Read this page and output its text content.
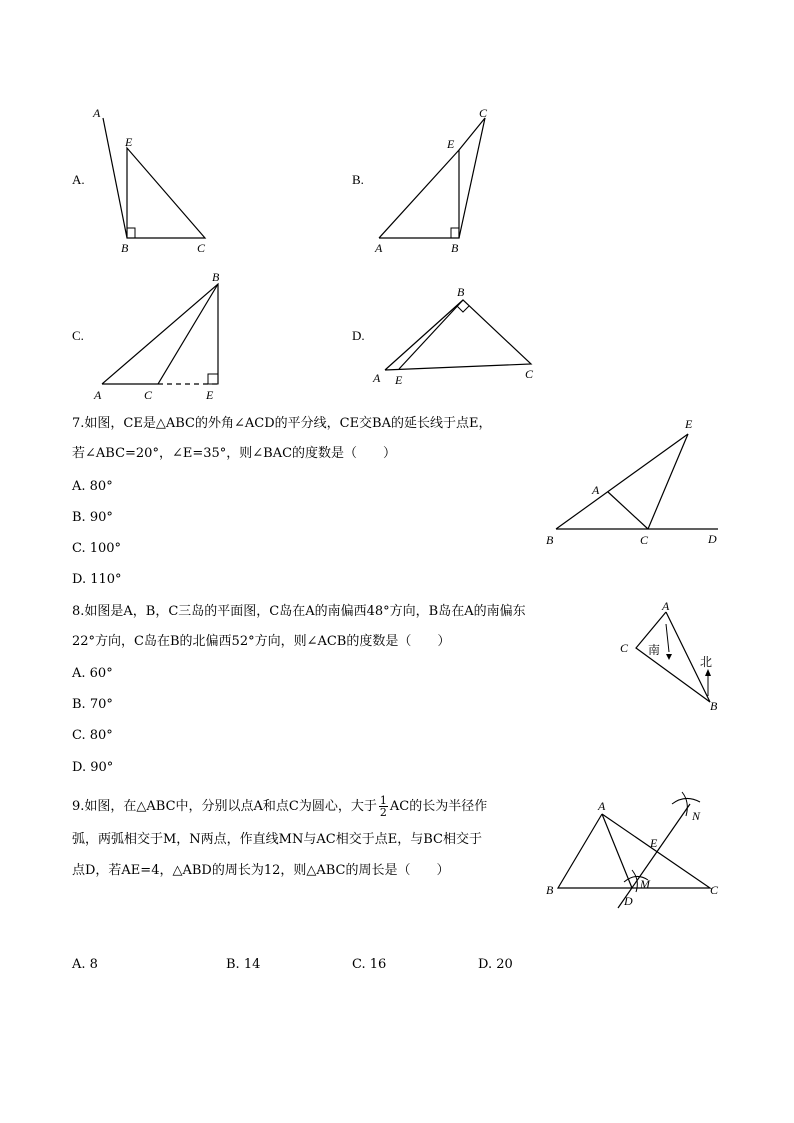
A.
A
E
B	C
B.
A	B
C
E
C.
A	C
B
E
D.
A E
B
C
7.如图，CE是△ABC的外角∠ACD的平分线，CE交BA的延长线于点E，
若∠ABC=20°，∠E=35°，则∠BAC的度数是（　　）
A. 80°
B. 90°
C. 100°
D. 110°
E
A
B	C	D
8.如图是A，B，C三岛的平面图，C岛在A的南偏西48°方向，B岛在A的南偏东
22°方向，C岛在B的北偏西52°方向，则∠ACB的度数是（　　）
A. 60°
B. 70°
C. 80°
D. 90°
A
C
B
南
北
9.如图，在△ABC中，分别以点A和点C为圆心，大于 $\frac{1}{2}$ AC的长为半径作
弧，两弧相交于M，N两点，作直线MN与AC相交于点E，与BC相交于
点D，若AE=4，△ABD的周长为12，则△ABC的周长是（　　）
A
E
N
M
B
D
C
A. 8	B. 14	C. 16	D. 20
